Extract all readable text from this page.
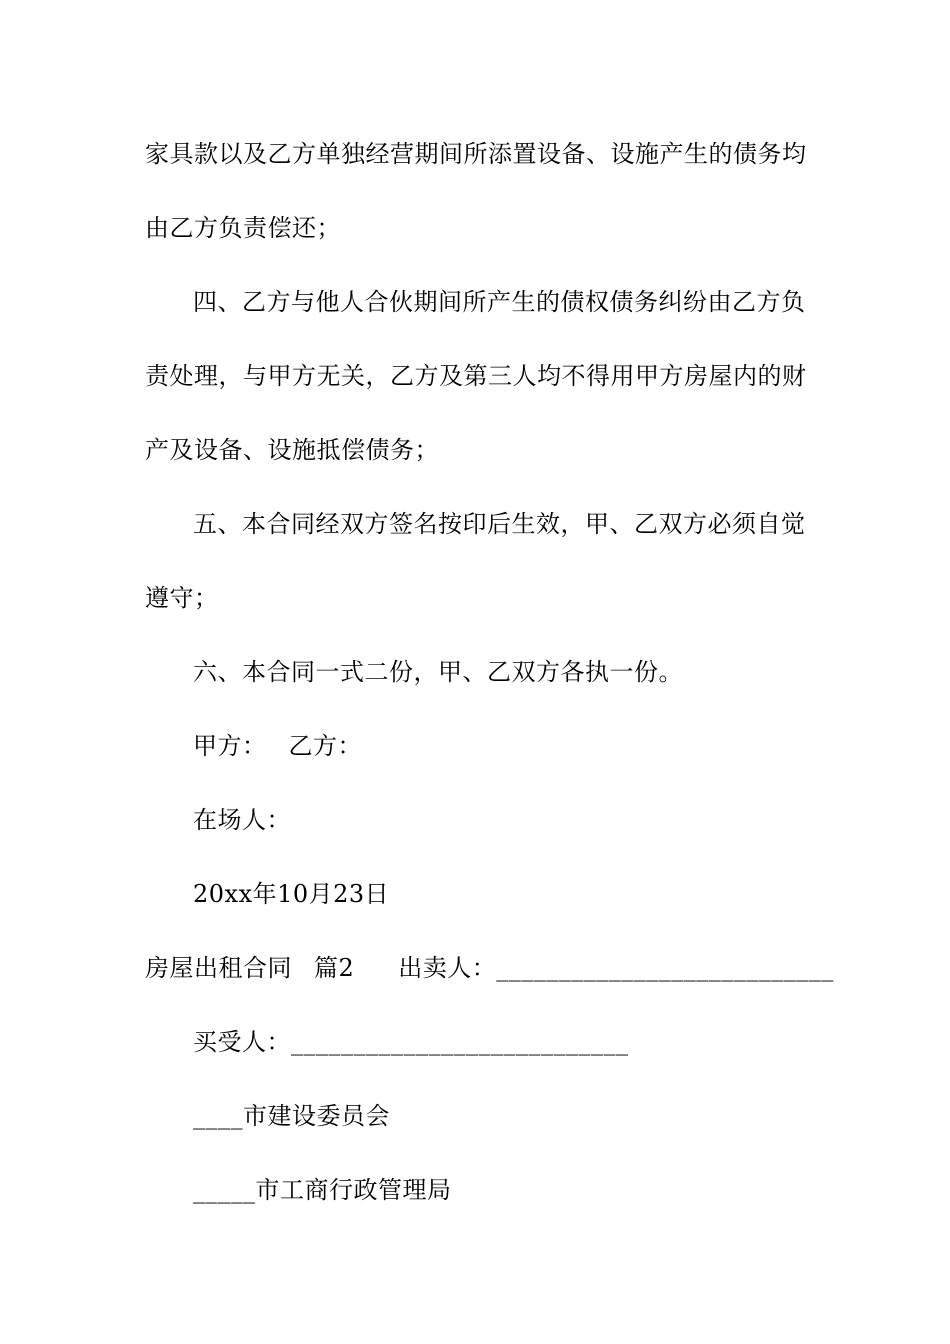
家具款以及乙方单独经营期间所添置设备、设施产生的债务均
由乙方负责偿还；
四、乙方与他人合伙期间所产生的债权债务纠纷由乙方负
责处理，与甲方无关，乙方及第三人均不得用甲方房屋内的财
产及设备、设施抵偿债务；
五、本合同经双方签名按印后生效，甲、乙双方必须自觉
遵守；
六、本合同一式二份，甲、乙双方各执一份。
甲方： 乙方：
在场人：
20xx年10月23日
房屋出租合同 篇2 出卖人：___________________________
买受人：___________________________
____市建设委员会
_____市工商行政管理局
